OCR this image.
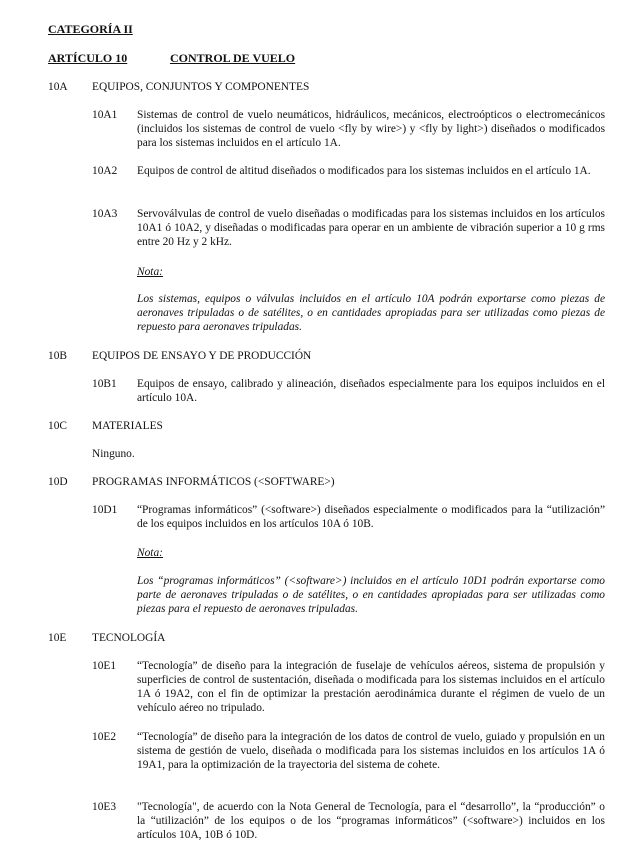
CATEGORÍA II
ARTÍCULO 10	CONTROL DE VUELO
10A EQUIPOS, CONJUNTOS Y COMPONENTES
10A1 Sistemas de control de vuelo neumáticos, hidráulicos, mecánicos, electroópticos o electromecánicos (incluidos los sistemas de control de vuelo <fly by wire>) y <fly by light>) diseñados o modificados para los sistemas incluidos en el artículo 1A.
10A2 Equipos de control de altitud diseñados o modificados para los sistemas incluidos en el artículo 1A.
10A3 Servoválvulas de control de vuelo diseñadas o modificadas para los sistemas incluidos en los artículos 10A1 ó 10A2, y diseñadas o modificadas para operar en un ambiente de vibración superior a 10 g rms entre 20 Hz y 2 kHz.
Nota:
Los sistemas, equipos o válvulas incluidos en el artículo 10A podrán exportarse como piezas de aeronaves tripuladas o de satélites, o en cantidades apropiadas para ser utilizadas como piezas de repuesto para aeronaves tripuladas.
10B EQUIPOS DE ENSAYO Y DE PRODUCCIÓN
10B1 Equipos de ensayo, calibrado y alineación, diseñados especialmente para los equipos incluidos en el artículo 10A.
10C MATERIALES
Ninguno.
10D PROGRAMAS INFORMÁTICOS (<SOFTWARE>)
10D1 “Programas informáticos” (<software>) diseñados especialmente o modificados para la “utilización” de los equipos incluidos en los artículos 10A ó 10B.
Nota:
Los “programas informáticos” (<software>) incluidos en el artículo 10D1 podrán exportarse como parte de aeronaves tripuladas o de satélites, o en cantidades apropiadas para ser utilizadas como piezas para el repuesto de aeronaves tripuladas.
10E TECNOLOGÍA
10E1 “Tecnología” de diseño para la integración de fuselaje de vehículos aéreos, sistema de propulsión y superficies de control de sustentación, diseñada o modificada para los sistemas incluidos en el artículo 1A ó 19A2, con el fin de optimizar la prestación aerodinámica durante el régimen de vuelo de un vehículo aéreo no tripulado.
10E2 “Tecnología” de diseño para la integración de los datos de control de vuelo, guiado y propulsión en un sistema de gestión de vuelo, diseñada o modificada para los sistemas incluidos en los artículos 1A ó 19A1, para la optimización de la trayectoria del sistema de cohete.
10E3 "Tecnología", de acuerdo con la Nota General de Tecnología, para el “desarrollo”, la “producción” o la “utilización” de los equipos o de los “programas informáticos” (<software>) incluidos en los artículos 10A, 10B ó 10D.
